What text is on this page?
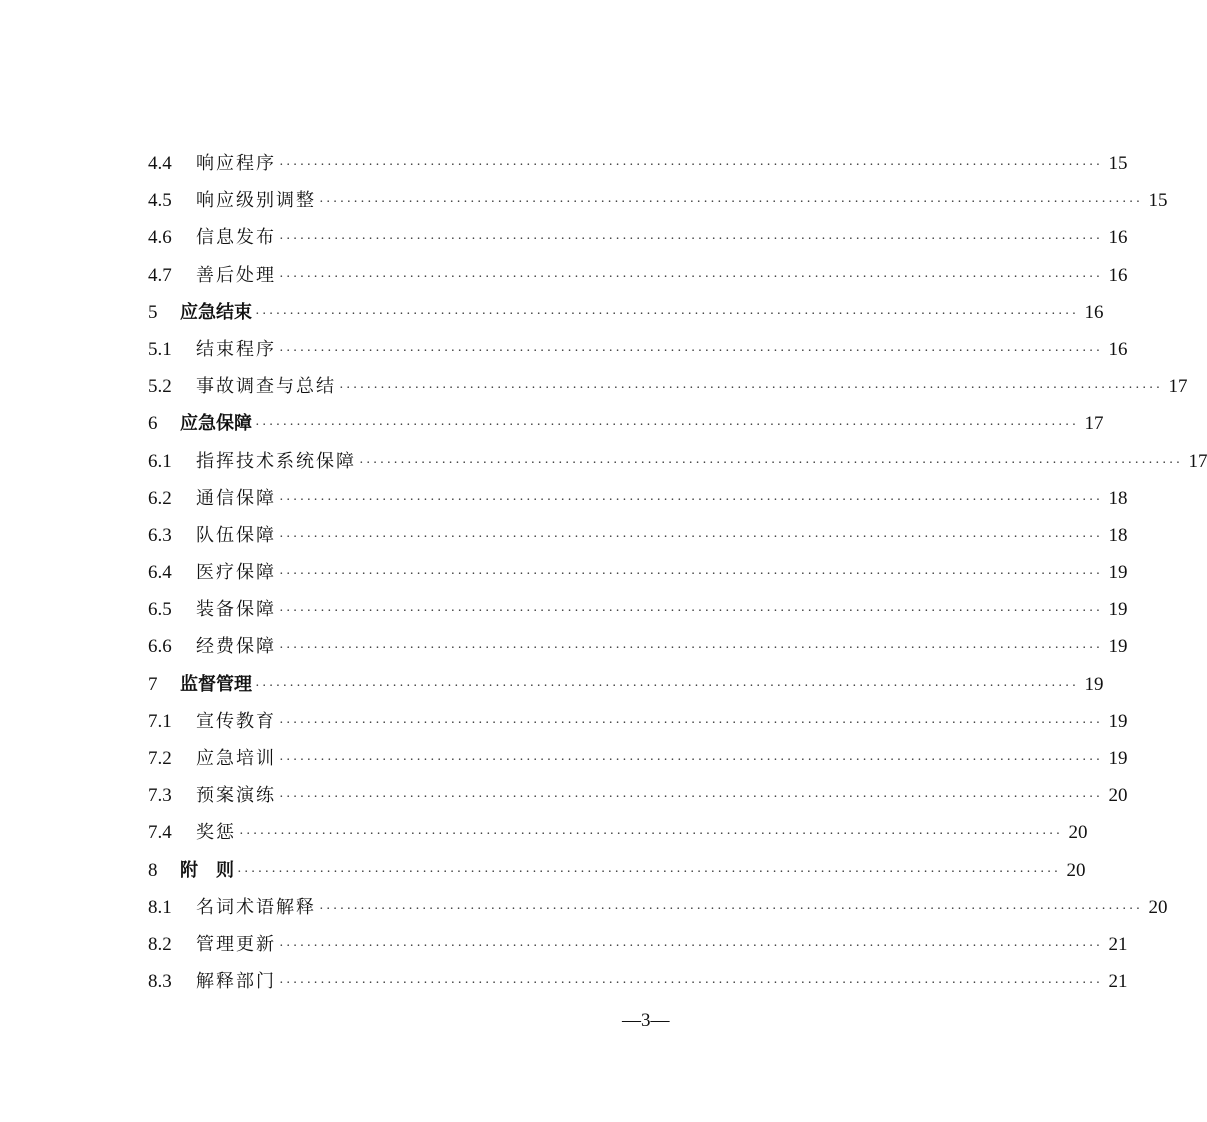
4.4	响应程序 ························································································································ 15
4.5	响应级别调整 ························································································································ 15
4.6	信息发布 ························································································································ 16
4.7	善后处理 ························································································································ 16
5	应急结束 ························································································································ 16
5.1	结束程序 ························································································································ 16
5.2	事故调查与总结 ························································································································ 17
6	应急保障 ························································································································ 17
6.1	指挥技术系统保障 ························································································································ 17
6.2	通信保障 ························································································································ 18
6.3	队伍保障 ························································································································ 18
6.4	医疗保障 ························································································································ 19
6.5	装备保障 ························································································································ 19
6.6	经费保障 ························································································································ 19
7	监督管理 ························································································································ 19
7.1	宣传教育 ························································································································ 19
7.2	应急培训 ························································································································ 19
7.3	预案演练 ························································································································ 20
7.4	奖惩 ························································································································ 20
8	附　则 ························································································································ 20
8.1	名词术语解释 ························································································································ 20
8.2	管理更新 ························································································································ 21
8.3	解释部门 ························································································································ 21
—3—
